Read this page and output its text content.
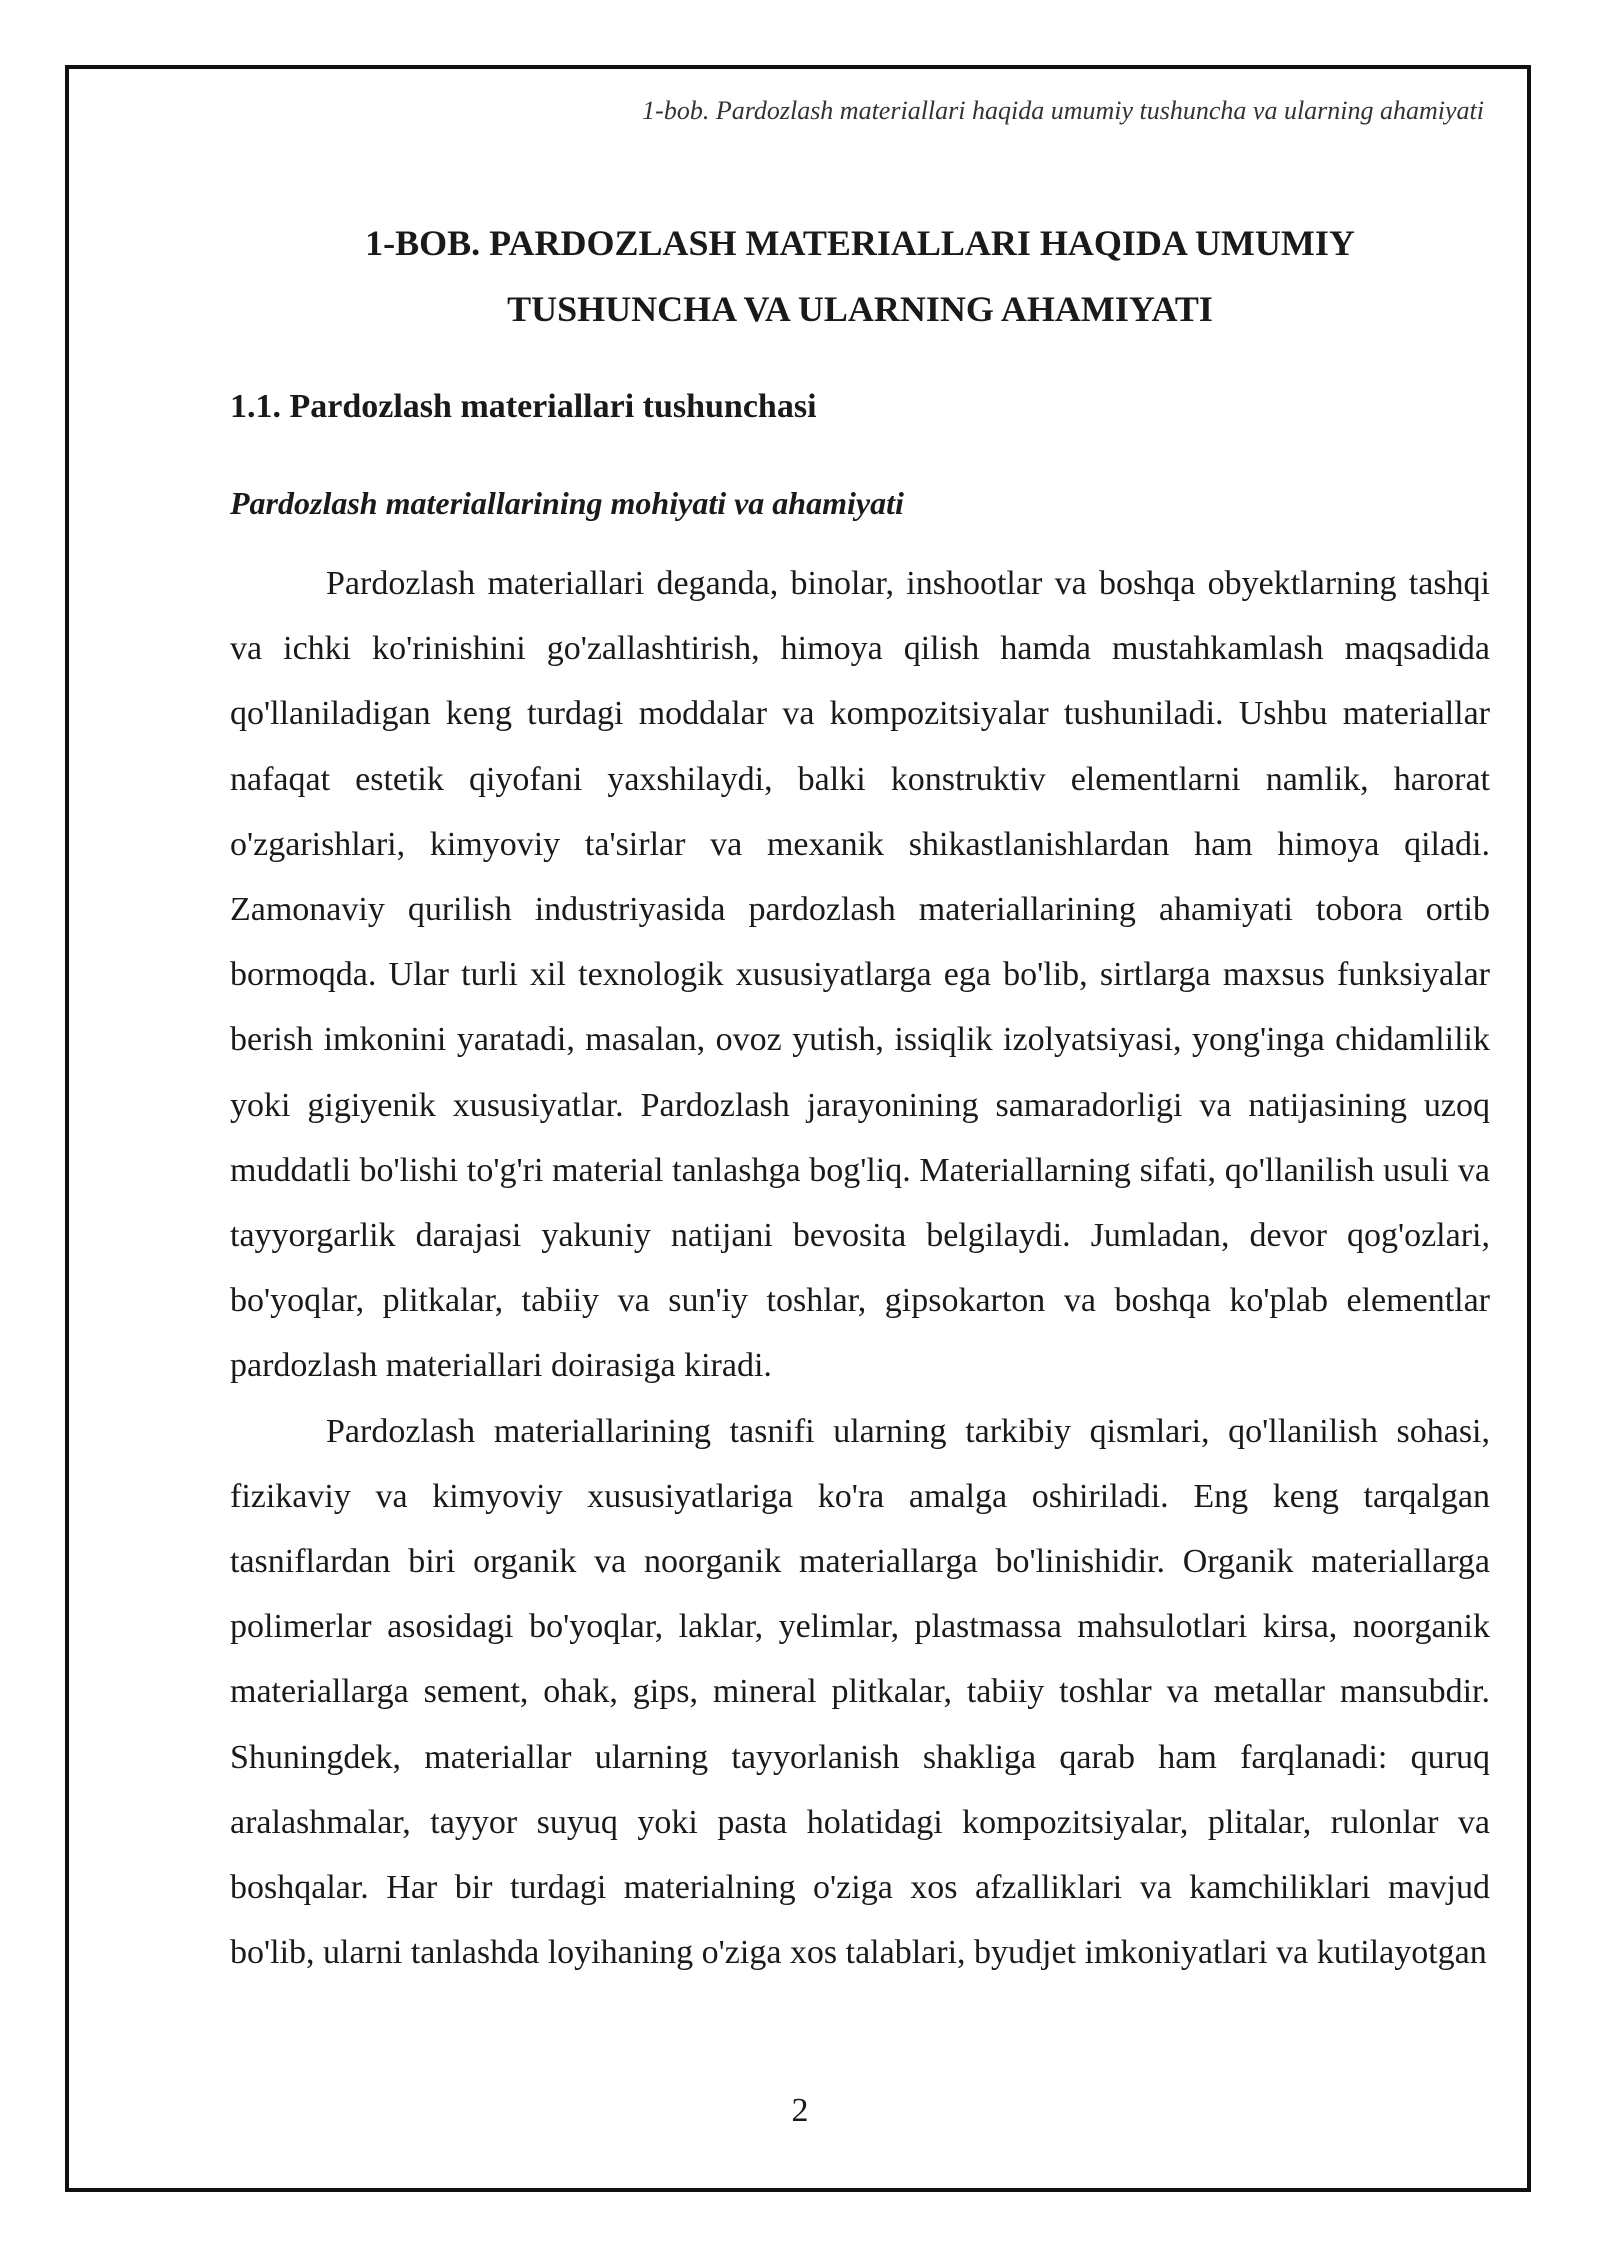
1-bob. Pardozlash materiallari haqida umumiy tushuncha va ularning ahamiyati
1-BOB. PARDOZLASH MATERIALLARI HAQIDA UMUMIY
TUSHUNCHA VA ULARNING AHAMIYATI
1.1. Pardozlash materiallari tushunchasi
Pardozlash materiallarining mohiyati va ahamiyati

Pardozlash materiallari deganda, binolar, inshootlar va boshqa obyektlarning tashqi va ichki ko'rinishini go'zallashtirish, himoya qilish hamda mustahkamlash maqsadida qo'llaniladigan keng turdagi moddalar va kompozitsiyalar tushuniladi. Ushbu materiallar nafaqat estetik qiyofani yaxshilaydi, balki konstruktiv elementlarni namlik, harorat o'zgarishlari, kimyoviy ta'sirlar va mexanik shikastlanishlardan ham himoya qiladi. Zamonaviy qurilish industriyasida pardozlash materiallarining ahamiyati tobora ortib bormoqda. Ular turli xil texnologik xususiyatlarga ega bo'lib, sirtlarga maxsus funksiyalar berish imkonini yaratadi, masalan, ovoz yutish, issiqlik izolyatsiyasi, yong'inga chidamlilik yoki gigiyenik xususiyatlar. Pardozlash jarayonining samaradorligi va natijasining uzoq muddatli bo'lishi to'g'ri material tanlashga bog'liq. Materiallarning sifati, qo'llanilish usuli va tayyorgarlik darajasi yakuniy natijani bevosita belgilaydi. Jumladan, devor qog'ozlari, bo'yoqlar, plitkalar, tabiiy va sun'iy toshlar, gipsokarton va boshqa ko'plab elementlar pardozlash materiallari doirasiga kiradi.

Pardozlash materiallarining tasnifi ularning tarkibiy qismlari, qo'llanilish sohasi, fizikaviy va kimyoviy xususiyatlariga ko'ra amalga oshiriladi. Eng keng tarqalgan tasniflardan biri organik va noorganik materiallarga bo'linishidir. Organik materiallarga polimerlar asosidagi bo'yoqlar, laklar, yelimlar, plastmassa mahsulotlari kirsa, noorganik materiallarga sement, ohak, gips, mineral plitkalar, tabiiy toshlar va metallar mansubdir. Shuningdek, materiallar ularning tayyorlanish shakliga qarab ham farqlanadi: quruq aralashmalar, tayyor suyuq yoki pasta holatidagi kompozitsiyalar, plitalar, rulonlar va boshqalar. Har bir turdagi materialning o'ziga xos afzalliklari va kamchiliklari mavjud bo'lib, ularni tanlashda loyihaning o'ziga xos talablari, byudjet imkoniyatlari va kutilayotgan

2
